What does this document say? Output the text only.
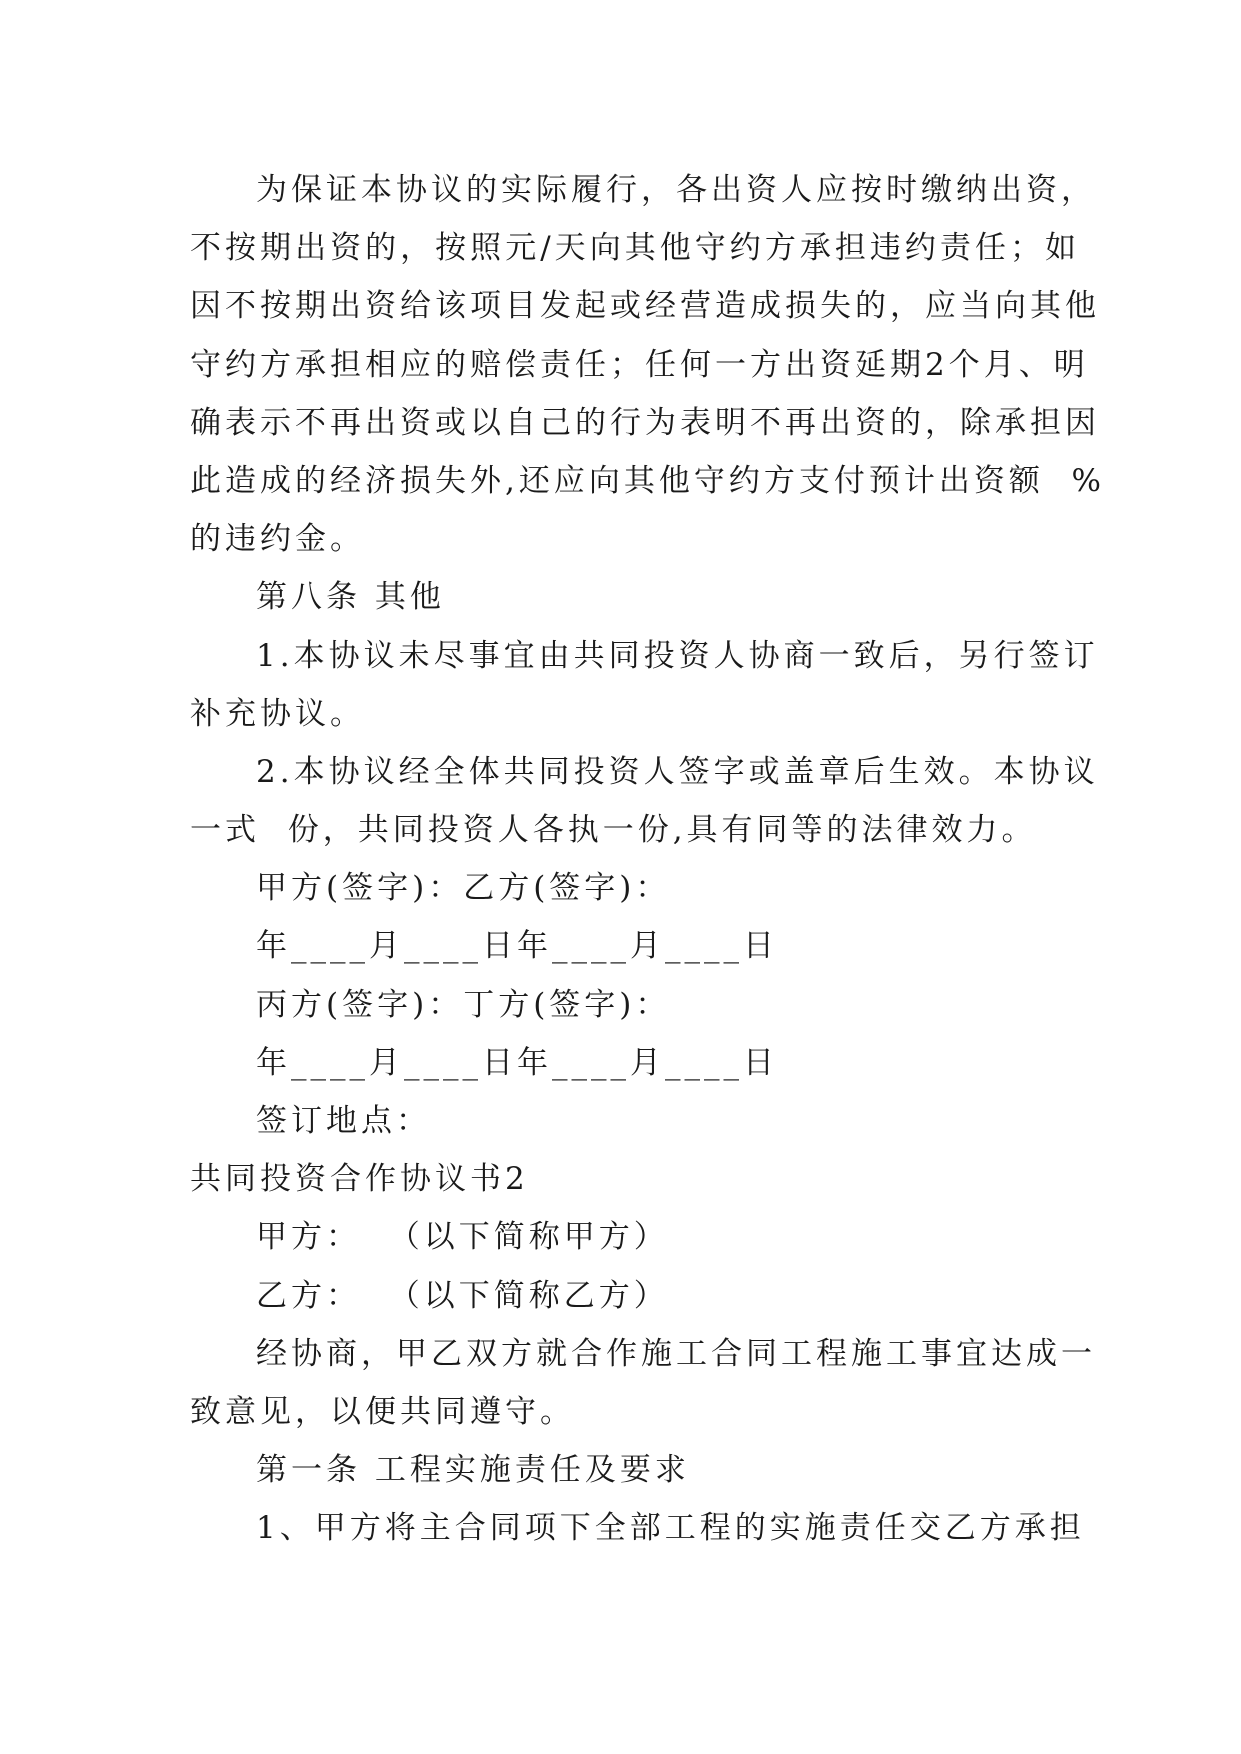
为保证本协议的实际履行，各出资人应按时缴纳出资，
不按期出资的，按照元/天向其他守约方承担违约责任；如
因不按期出资给该项目发起或经营造成损失的，应当向其他
守约方承担相应的赔偿责任；任何一方出资延期2个月、明
确表示不再出资或以自己的行为表明不再出资的，除承担因
此造成的经济损失外,还应向其他守约方支付预计出资额  %
的违约金。
第八条 其他
1.本协议未尽事宜由共同投资人协商一致后，另行签订
补充协议。
2.本协议经全体共同投资人签字或盖章后生效。本协议
一式  份，共同投资人各执一份,具有同等的法律效力。
甲方(签字)：乙方(签字)：
年____月____日年____月____日
丙方(签字)：丁方(签字)：
年____月____日年____月____日
签订地点：
共同投资合作协议书2
甲方：  （以下简称甲方）
乙方：  （以下简称乙方）
经协商，甲乙双方就合作施工合同工程施工事宜达成一
致意见，以便共同遵守。
第一条 工程实施责任及要求
1、甲方将主合同项下全部工程的实施责任交乙方承担
